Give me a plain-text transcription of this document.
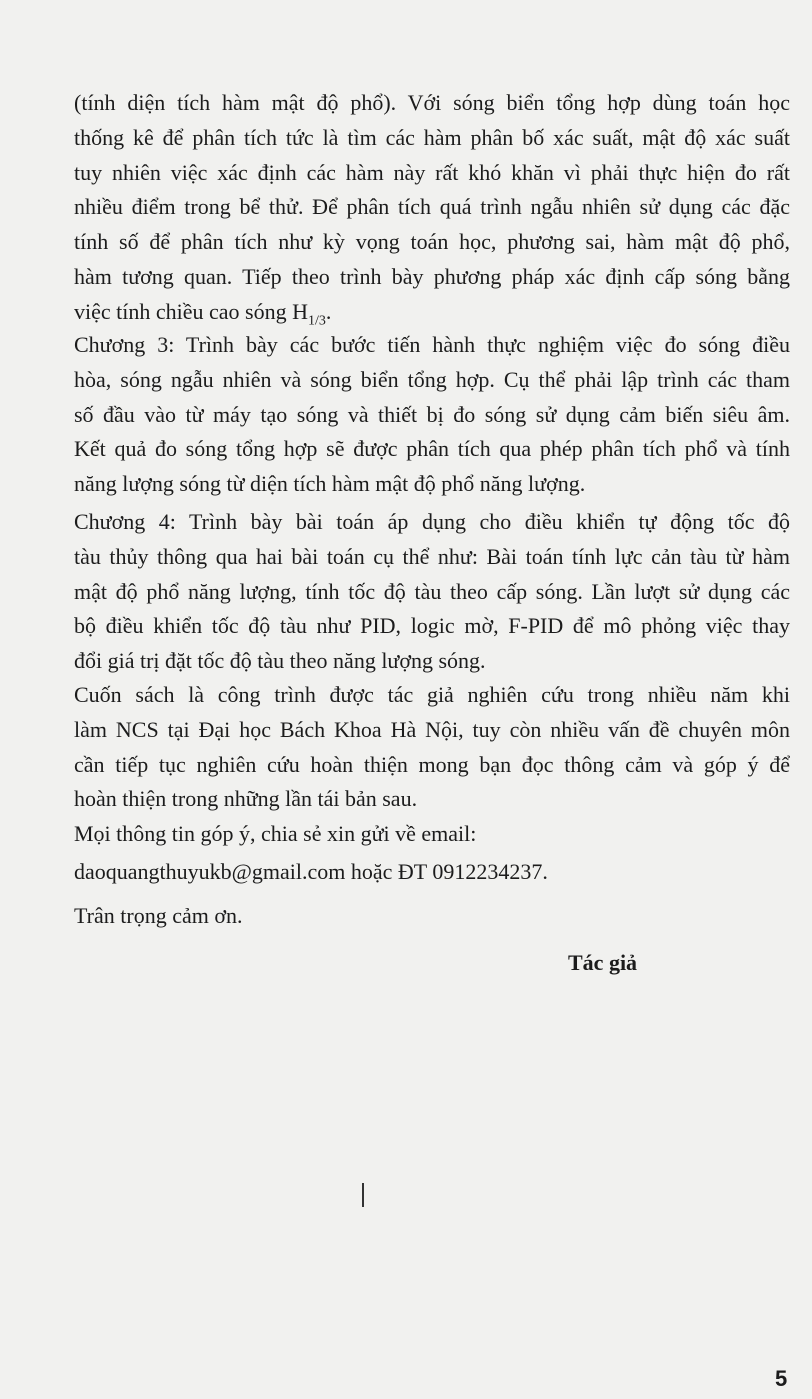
(tính diện tích hàm mật độ phổ). Với sóng biển tổng hợp dùng toán học
thống kê để phân tích tức là tìm các hàm phân bố xác suất, mật độ xác suất
tuy nhiên việc xác định các hàm này rất khó khăn vì phải thực hiện đo rất
nhiều điểm trong bể thử. Để phân tích quá trình ngẫu nhiên sử dụng các đặc
tính số để phân tích như kỳ vọng toán học, phương sai, hàm mật độ phổ,
hàm tương quan. Tiếp theo trình bày phương pháp xác định cấp sóng bằng
việc tính chiều cao sóng $H_{1/3}$.
Chương 3: Trình bày các bước tiến hành thực nghiệm việc đo sóng điều
hòa, sóng ngẫu nhiên và sóng biển tổng hợp. Cụ thể phải lập trình các tham
số đầu vào từ máy tạo sóng và thiết bị đo sóng sử dụng cảm biến siêu âm.
Kết quả đo sóng tổng hợp sẽ được phân tích qua phép phân tích phổ và tính
năng lượng sóng từ diện tích hàm mật độ phổ năng lượng.
Chương 4: Trình bày bài toán áp dụng cho điều khiển tự động tốc độ
tàu thủy thông qua hai bài toán cụ thể như: Bài toán tính lực cản tàu từ hàm
mật độ phổ năng lượng, tính tốc độ tàu theo cấp sóng. Lần lượt sử dụng các
bộ điều khiển tốc độ tàu như PID, logic mờ, F-PID để mô phỏng việc thay
đổi giá trị đặt tốc độ tàu theo năng lượng sóng.
Cuốn sách là công trình được tác giả nghiên cứu trong nhiều năm khi
làm NCS tại Đại học Bách Khoa Hà Nội, tuy còn nhiều vấn đề chuyên môn
cần tiếp tục nghiên cứu hoàn thiện mong bạn đọc thông cảm và góp ý để
hoàn thiện trong những lần tái bản sau.

Mọi thông tin góp ý, chia sẻ xin gửi về email:

daoquangthuyukb@gmail.com hoặc ĐT 0912234237.

Trân trọng cảm ơn.

Tác giả
5
